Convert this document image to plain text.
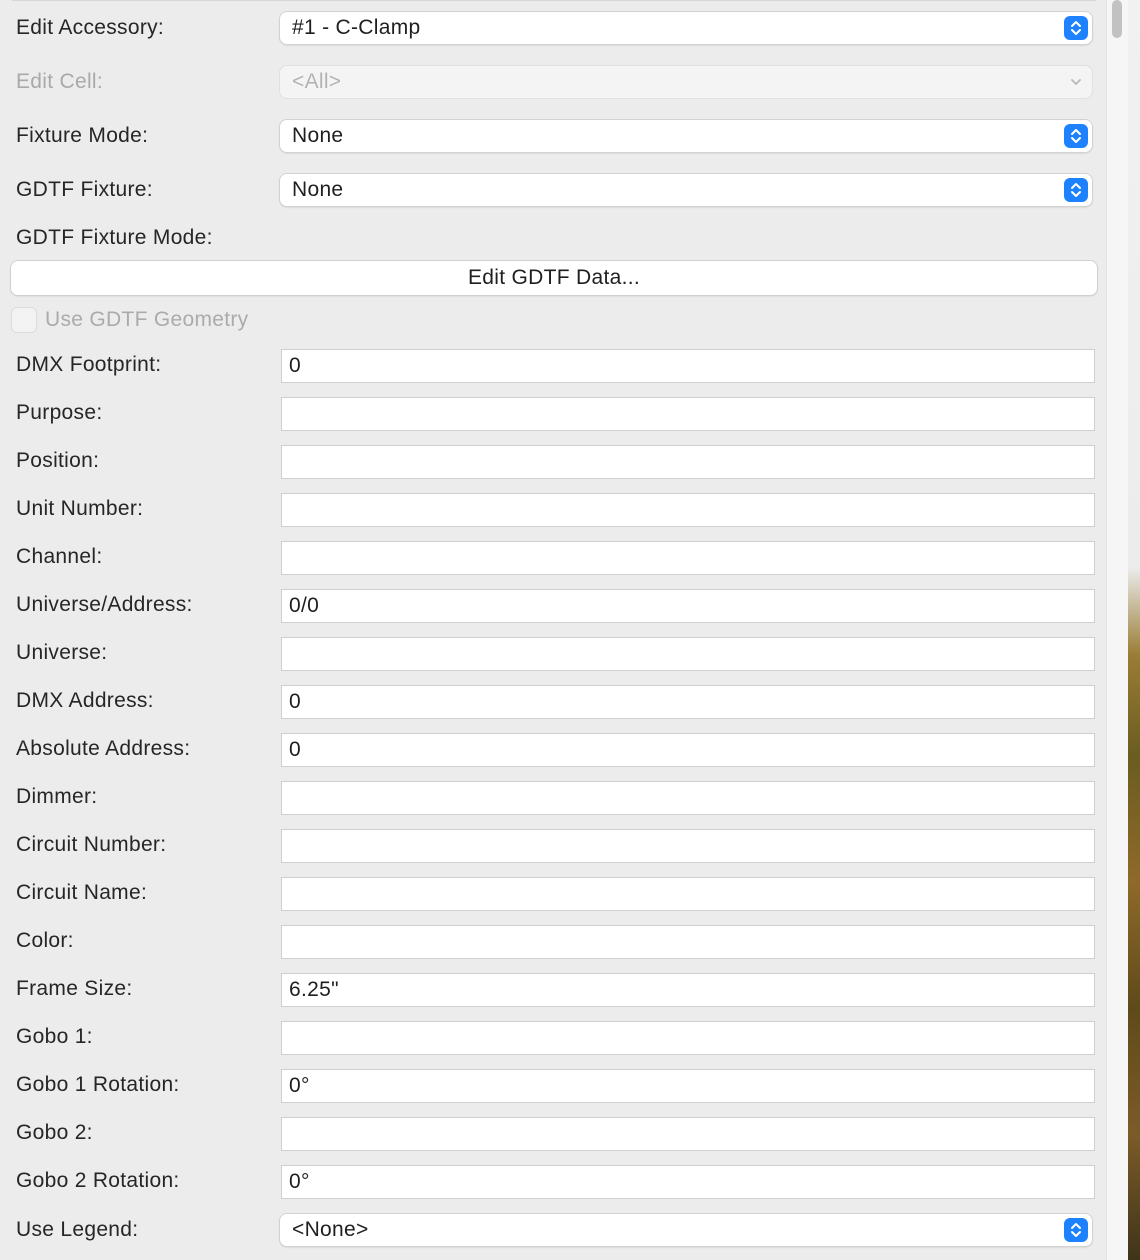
Edit Accessory:	#1 - C-Clamp
Edit Cell:	<All>
Fixture Mode:	None
GDTF Fixture:	None
GDTF Fixture Mode:
Edit GDTF Data...
Use GDTF Geometry
DMX Footprint:
0
Purpose:
Position:
Unit Number:
Channel:
Universe/Address:
0/0
Universe:
DMX Address:
0
Absolute Address:
0
Dimmer:
Circuit Number:
Circuit Name:
Color:
Frame Size:
6.25"
Gobo 1:
Gobo 1 Rotation:
0°
Gobo 2:
Gobo 2 Rotation:
0°
Use Legend:	<None>
